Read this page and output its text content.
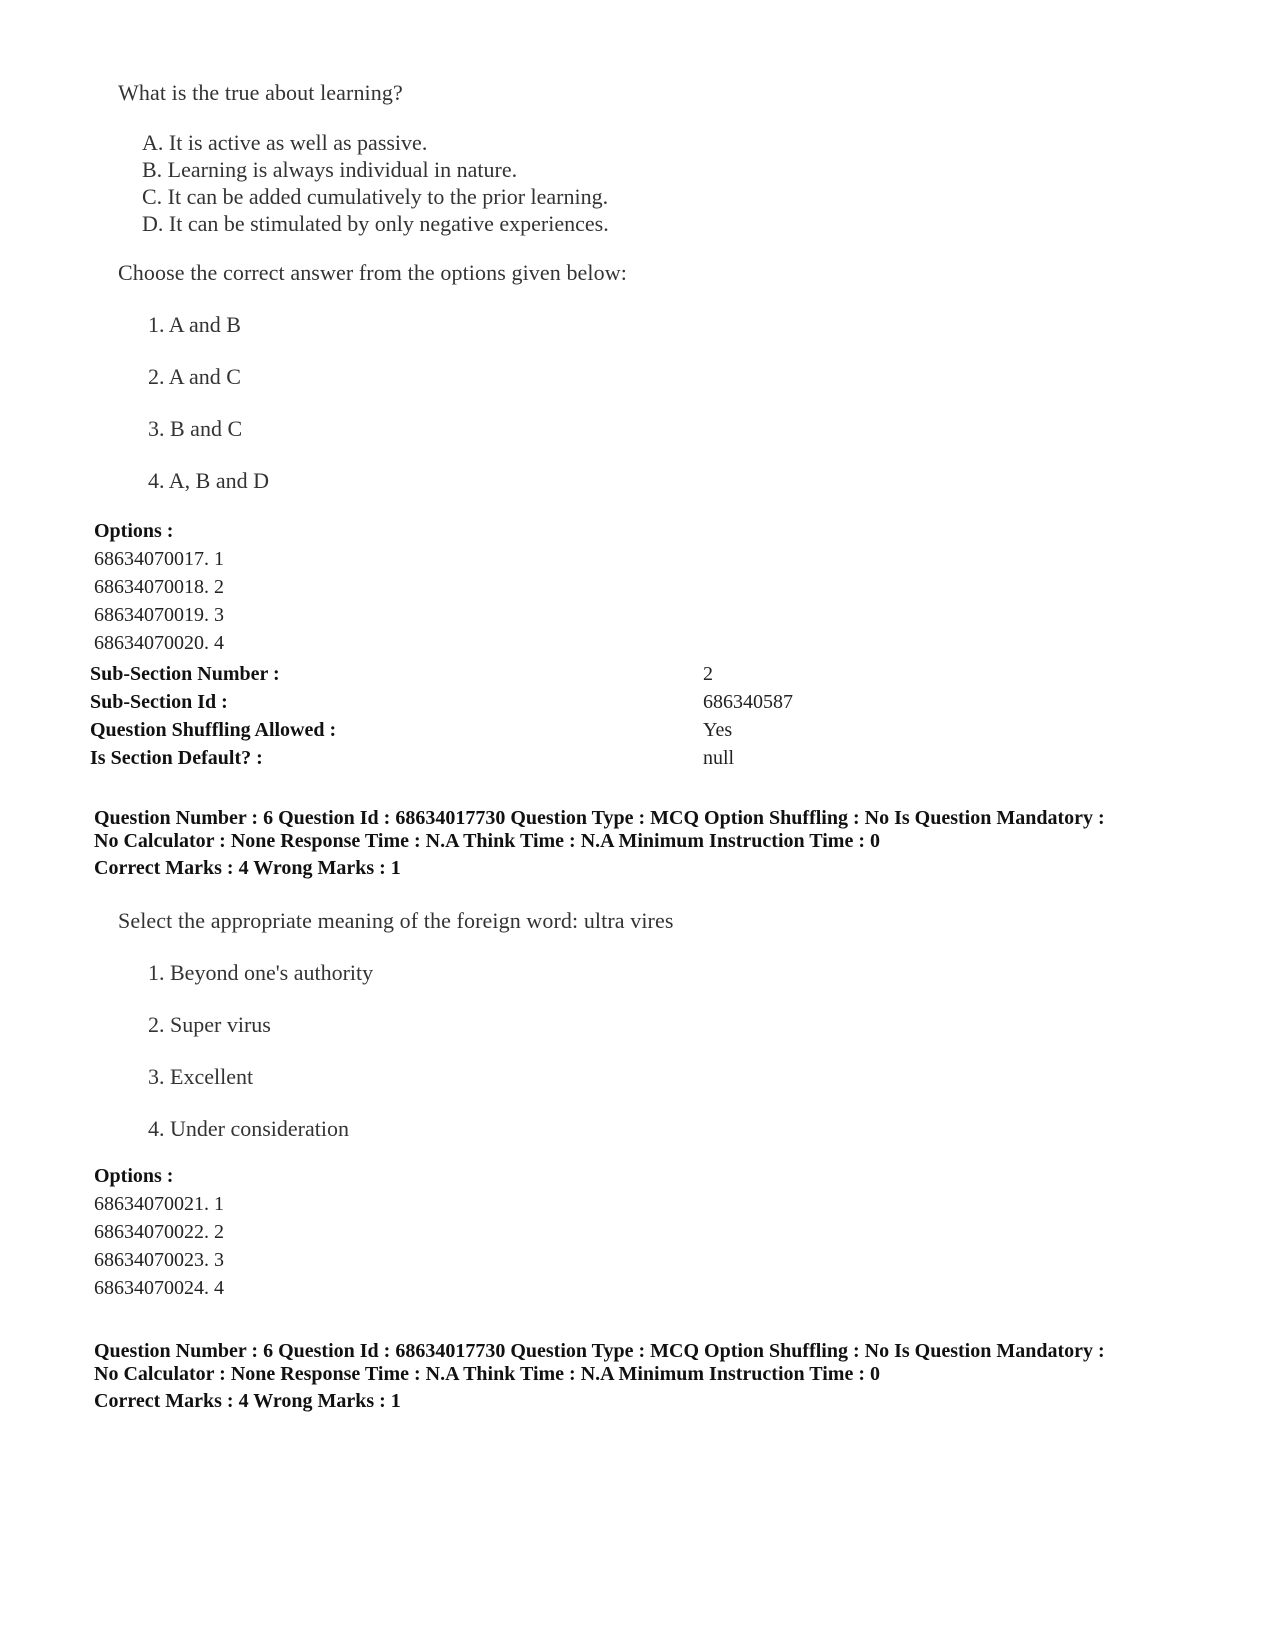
What is the true about learning?
A. It is active as well as passive.
B. Learning is always individual in nature.
C. It can be added cumulatively to the prior learning.
D. It can be stimulated by only negative experiences.
Choose the correct answer from the options given below:
1. A and B
2. A and C
3. B and C
4. A, B and D
Options :
68634070017. 1
68634070018. 2
68634070019. 3
68634070020. 4
Sub-Section Number :	2
Sub-Section Id :	686340587
Question Shuffling Allowed :	Yes
Is Section Default? :	null
Question Number : 6 Question Id : 68634017730 Question Type : MCQ Option Shuffling : No Is Question Mandatory :
No Calculator : None Response Time : N.A Think Time : N.A Minimum Instruction Time : 0
Correct Marks : 4 Wrong Marks : 1
Select the appropriate meaning of the foreign word: ultra vires
1. Beyond one's authority
2. Super virus
3. Excellent
4. Under consideration
Options :
68634070021. 1
68634070022. 2
68634070023. 3
68634070024. 4
Question Number : 6 Question Id : 68634017730 Question Type : MCQ Option Shuffling : No Is Question Mandatory :
No Calculator : None Response Time : N.A Think Time : N.A Minimum Instruction Time : 0
Correct Marks : 4 Wrong Marks : 1
